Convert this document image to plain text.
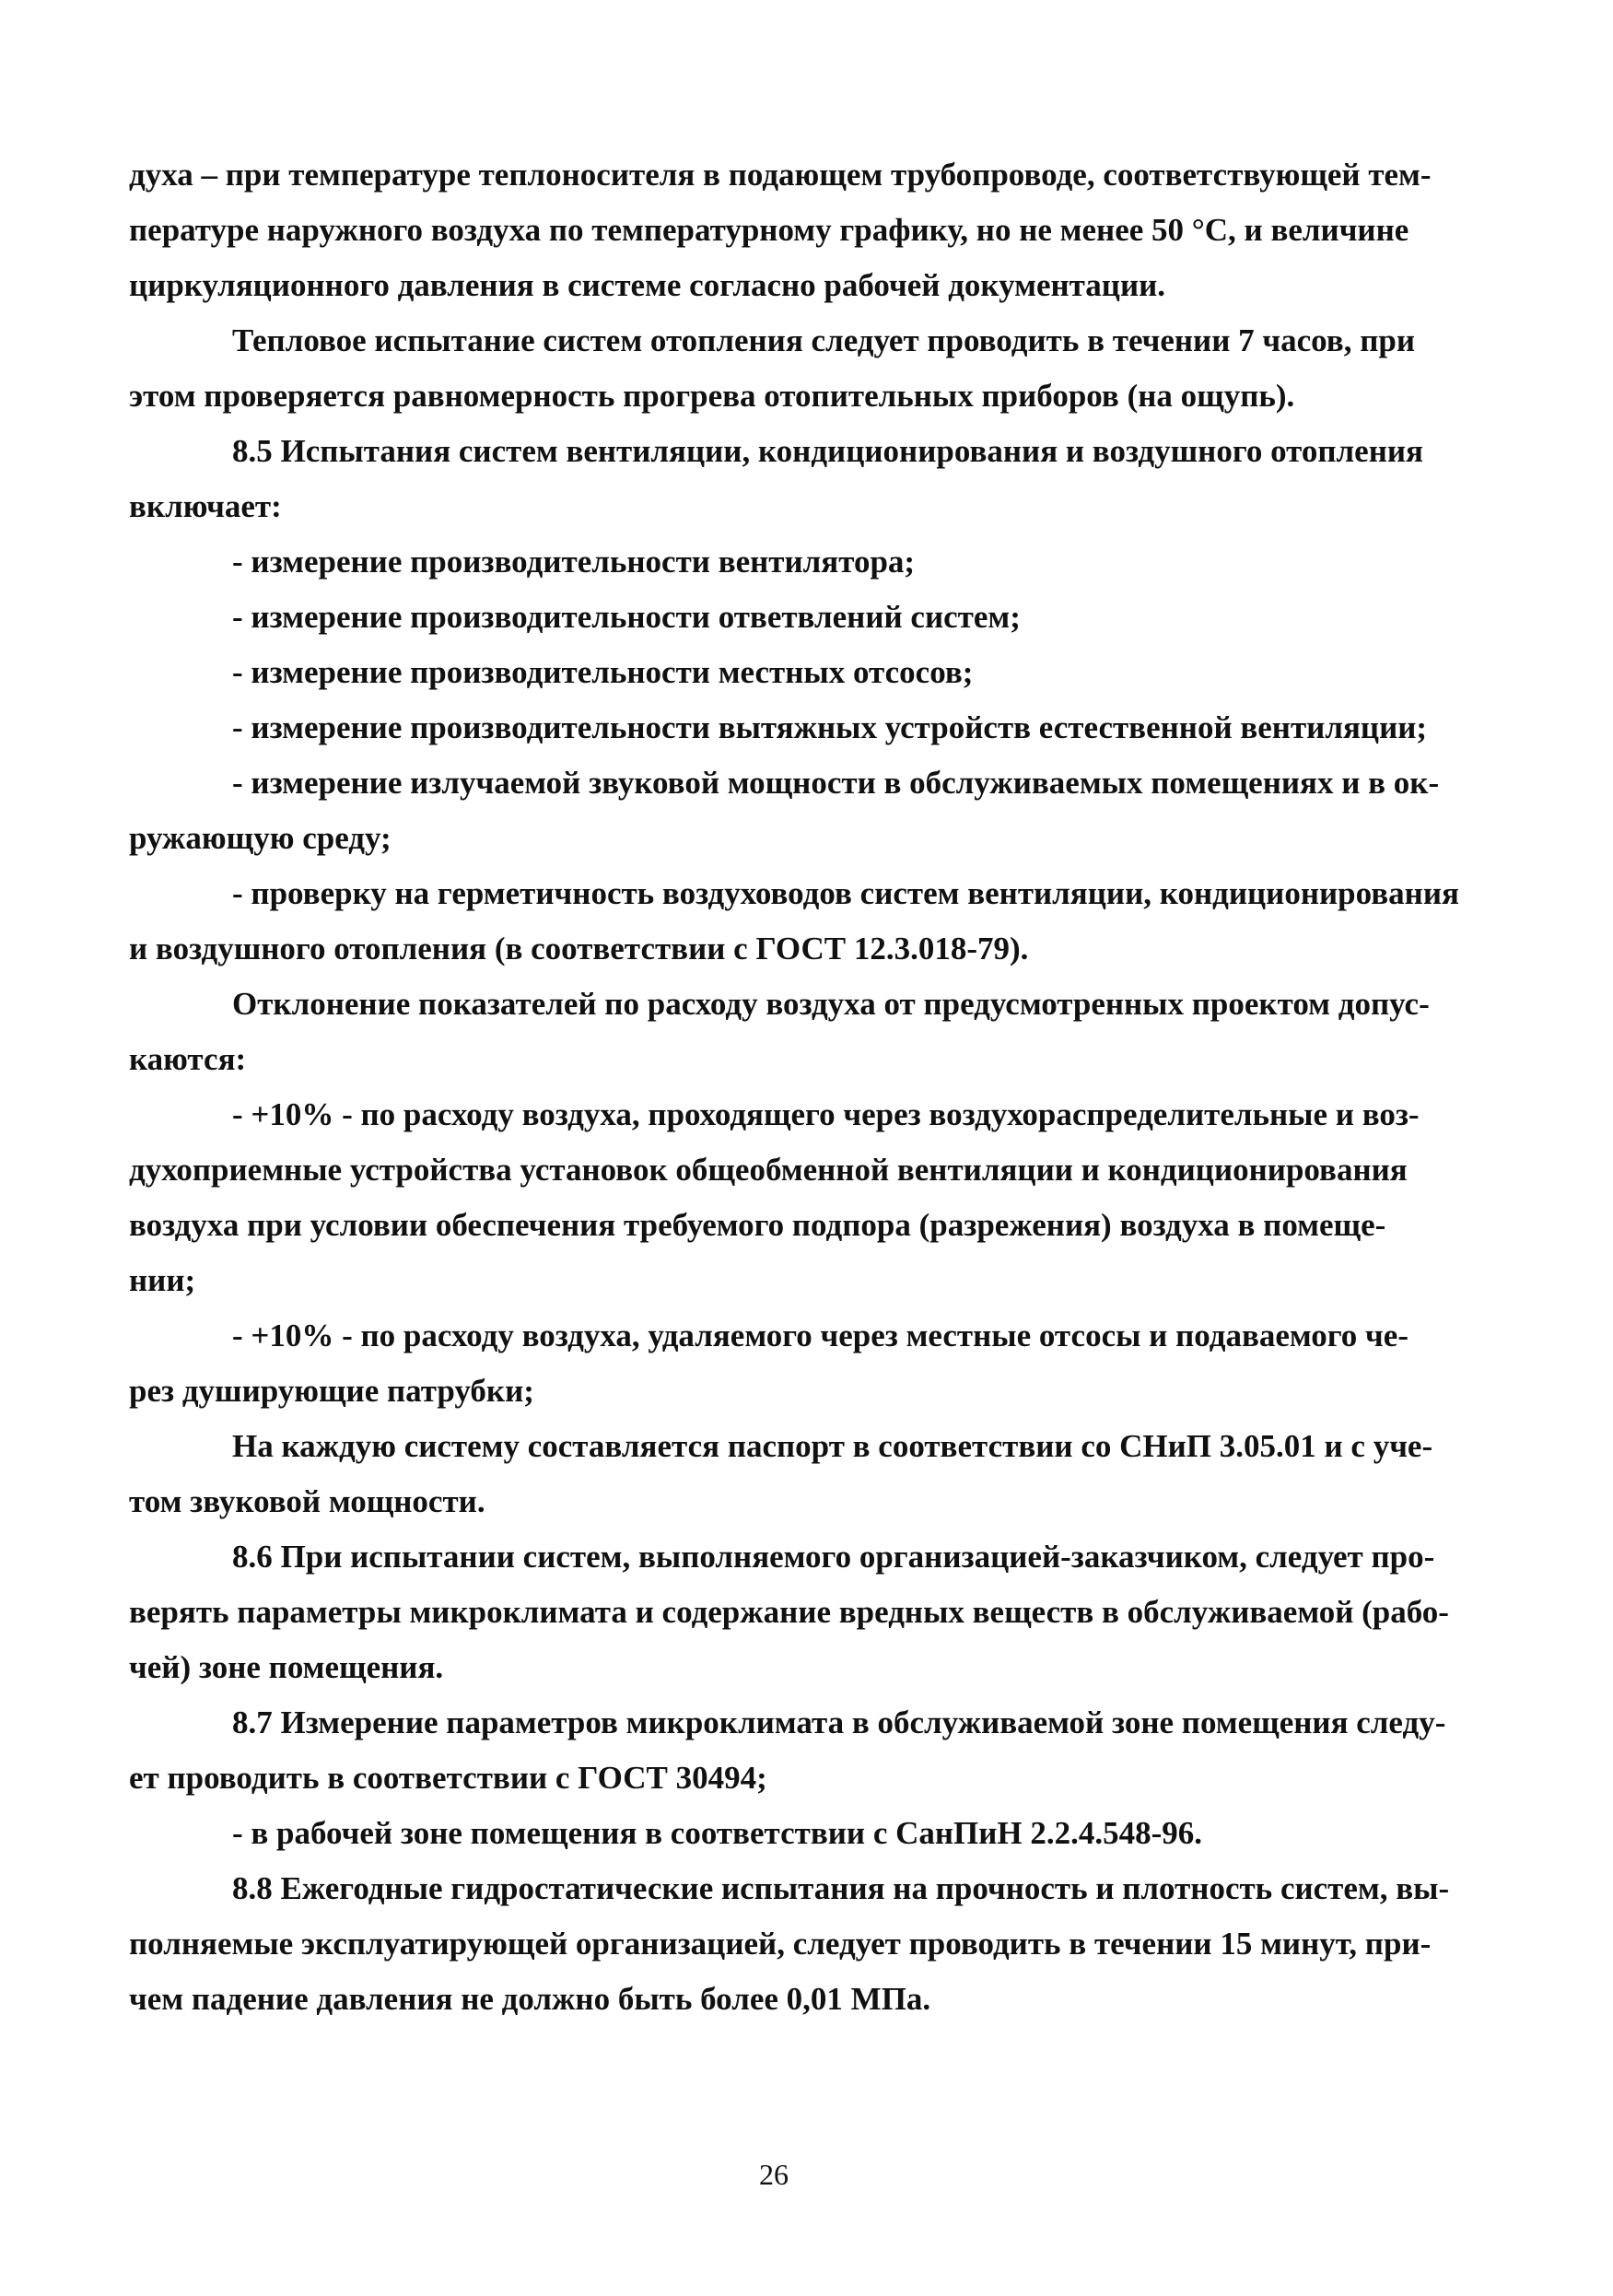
духа – при температуре теплоносителя в подающем трубопроводе, соответствующей тем-
пературе наружного воздуха по температурному графику, но не менее 50 °C, и величине
циркуляционного давления в системе согласно рабочей документации.
Тепловое испытание систем отопления следует проводить в течении 7 часов, при
этом проверяется равномерность прогрева отопительных приборов (на ощупь).
8.5 Испытания систем вентиляции, кондиционирования и воздушного отопления
включает:
- измерение производительности вентилятора;
- измерение производительности ответвлений систем;
- измерение производительности местных отсосов;
- измерение производительности вытяжных устройств естественной вентиляции;
- измерение излучаемой звуковой мощности в обслуживаемых помещениях и в ок-
ружающую среду;
- проверку на герметичность воздуховодов систем вентиляции, кондиционирования
и воздушного отопления (в соответствии с ГОСТ 12.3.018-79).
Отклонение показателей по расходу воздуха от предусмотренных проектом допус-
каются:
- +10% - по расходу воздуха, проходящего через воздухораспределительные и воз-
духоприемные устройства установок общеобменной вентиляции и кондиционирования
воздуха при условии обеспечения требуемого подпора (разрежения) воздуха в помеще-
нии;
- +10% - по расходу воздуха, удаляемого через местные отсосы и подаваемого че-
рез душирующие патрубки;
На каждую систему составляется паспорт в соответствии со СНиП 3.05.01 и с уче-
том звуковой мощности.
8.6 При испытании систем, выполняемого организацией-заказчиком, следует про-
верять параметры микроклимата и содержание вредных веществ в обслуживаемой (рабо-
чей) зоне помещения.
8.7 Измерение параметров микроклимата в обслуживаемой зоне помещения следу-
ет проводить в соответствии с ГОСТ 30494;
- в рабочей зоне помещения в соответствии с СанПиН 2.2.4.548-96.
8.8 Ежегодные гидростатические испытания на прочность и плотность систем, вы-
полняемые эксплуатирующей организацией, следует проводить в течении 15 минут, при-
чем падение давления не должно быть более 0,01 МПа.
26
